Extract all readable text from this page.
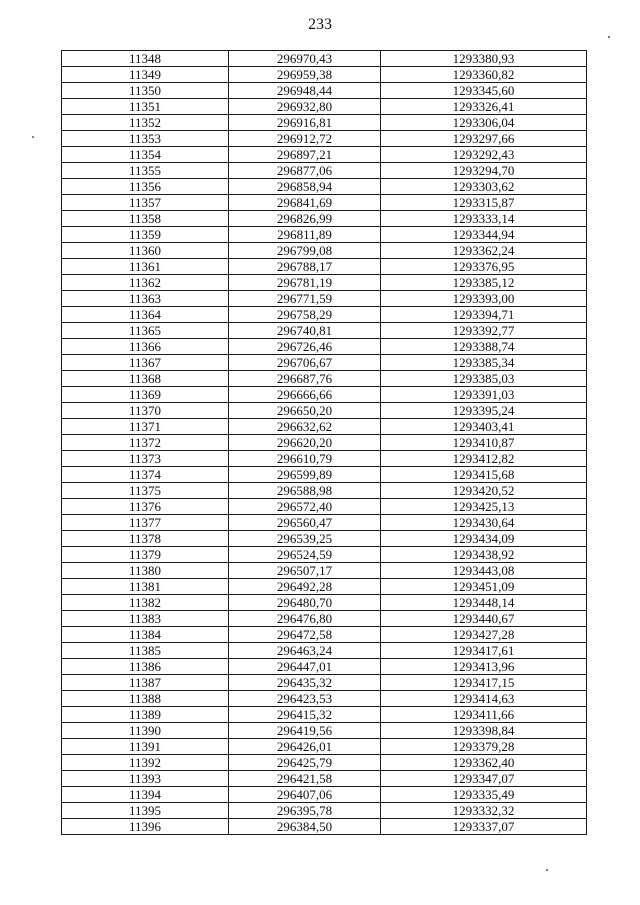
233
11348	296970,43	1293380,93
11349	296959,38	1293360,82
11350	296948,44	1293345,60
11351	296932,80	1293326,41
11352	296916,81	1293306,04
11353	296912,72	1293297,66
11354	296897,21	1293292,43
11355	296877,06	1293294,70
11356	296858,94	1293303,62
11357	296841,69	1293315,87
11358	296826,99	1293333,14
11359	296811,89	1293344,94
11360	296799,08	1293362,24
11361	296788,17	1293376,95
11362	296781,19	1293385,12
11363	296771,59	1293393,00
11364	296758,29	1293394,71
11365	296740,81	1293392,77
11366	296726,46	1293388,74
11367	296706,67	1293385,34
11368	296687,76	1293385,03
11369	296666,66	1293391,03
11370	296650,20	1293395,24
11371	296632,62	1293403,41
11372	296620,20	1293410,87
11373	296610,79	1293412,82
11374	296599,89	1293415,68
11375	296588,98	1293420,52
11376	296572,40	1293425,13
11377	296560,47	1293430,64
11378	296539,25	1293434,09
11379	296524,59	1293438,92
11380	296507,17	1293443,08
11381	296492,28	1293451,09
11382	296480,70	1293448,14
11383	296476,80	1293440,67
11384	296472,58	1293427,28
11385	296463,24	1293417,61
11386	296447,01	1293413,96
11387	296435,32	1293417,15
11388	296423,53	1293414,63
11389	296415,32	1293411,66
11390	296419,56	1293398,84
11391	296426,01	1293379,28
11392	296425,79	1293362,40
11393	296421,58	1293347,07
11394	296407,06	1293335,49
11395	296395,78	1293332,32
11396	296384,50	1293337,07
